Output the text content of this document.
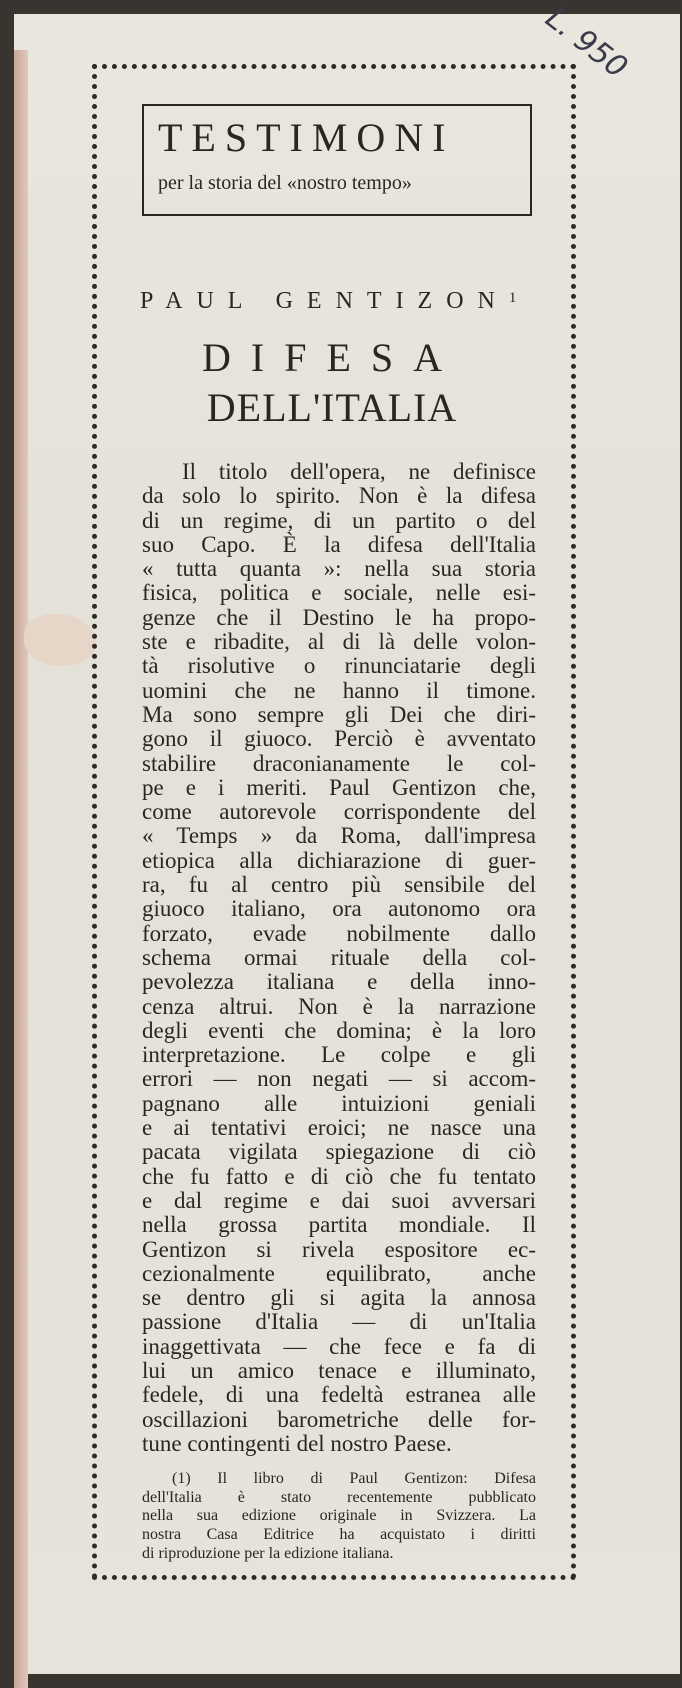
L. 950
TESTIMONI
per la storia del «nostro tempo»
PAUL GENTIZON$^1$
DIFESA
DELL'ITALIA
Il titolo dell'opera, ne definisce
da solo lo spirito. Non è la difesa
di un regime, di un partito o del
suo Capo. È la difesa dell'Italia
« tutta quanta »: nella sua storia
fisica, politica e sociale, nelle esi-
genze che il Destino le ha propo-
ste e ribadite, al di là delle volon-
tà risolutive o rinunciatarie degli
uomini che ne hanno il timone.
Ma sono sempre gli Dei che diri-
gono il giuoco. Perciò è avventato
stabilire draconianamente le col-
pe e i meriti. Paul Gentizon che,
come autorevole corrispondente del
« Temps » da Roma, dall'impresa
etiopica alla dichiarazione di guer-
ra, fu al centro più sensibile del
giuoco italiano, ora autonomo ora
forzato, evade nobilmente dallo
schema ormai rituale della col-
pevolezza italiana e della inno-
cenza altrui. Non è la narrazione
degli eventi che domina; è la loro
interpretazione. Le colpe e gli
errori — non negati — si accom-
pagnano alle intuizioni geniali
e ai tentativi eroici; ne nasce una
pacata vigilata spiegazione di ciò
che fu fatto e di ciò che fu tentato
e dal regime e dai suoi avversari
nella grossa partita mondiale. Il
Gentizon si rivela espositore ec-
cezionalmente equilibrato, anche
se dentro gli si agita la annosa
passione d'Italia — di un'Italia
inaggettivata — che fece e fa di
lui un amico tenace e illuminato,
fedele, di una fedeltà estranea alle
oscillazioni barometriche delle for-
tune contingenti del nostro Paese.
(1) Il libro di Paul Gentizon: Difesa
dell'Italia è stato recentemente pubblicato
nella sua edizione originale in Svizzera. La
nostra Casa Editrice ha acquistato i diritti
di riproduzione per la edizione italiana.
